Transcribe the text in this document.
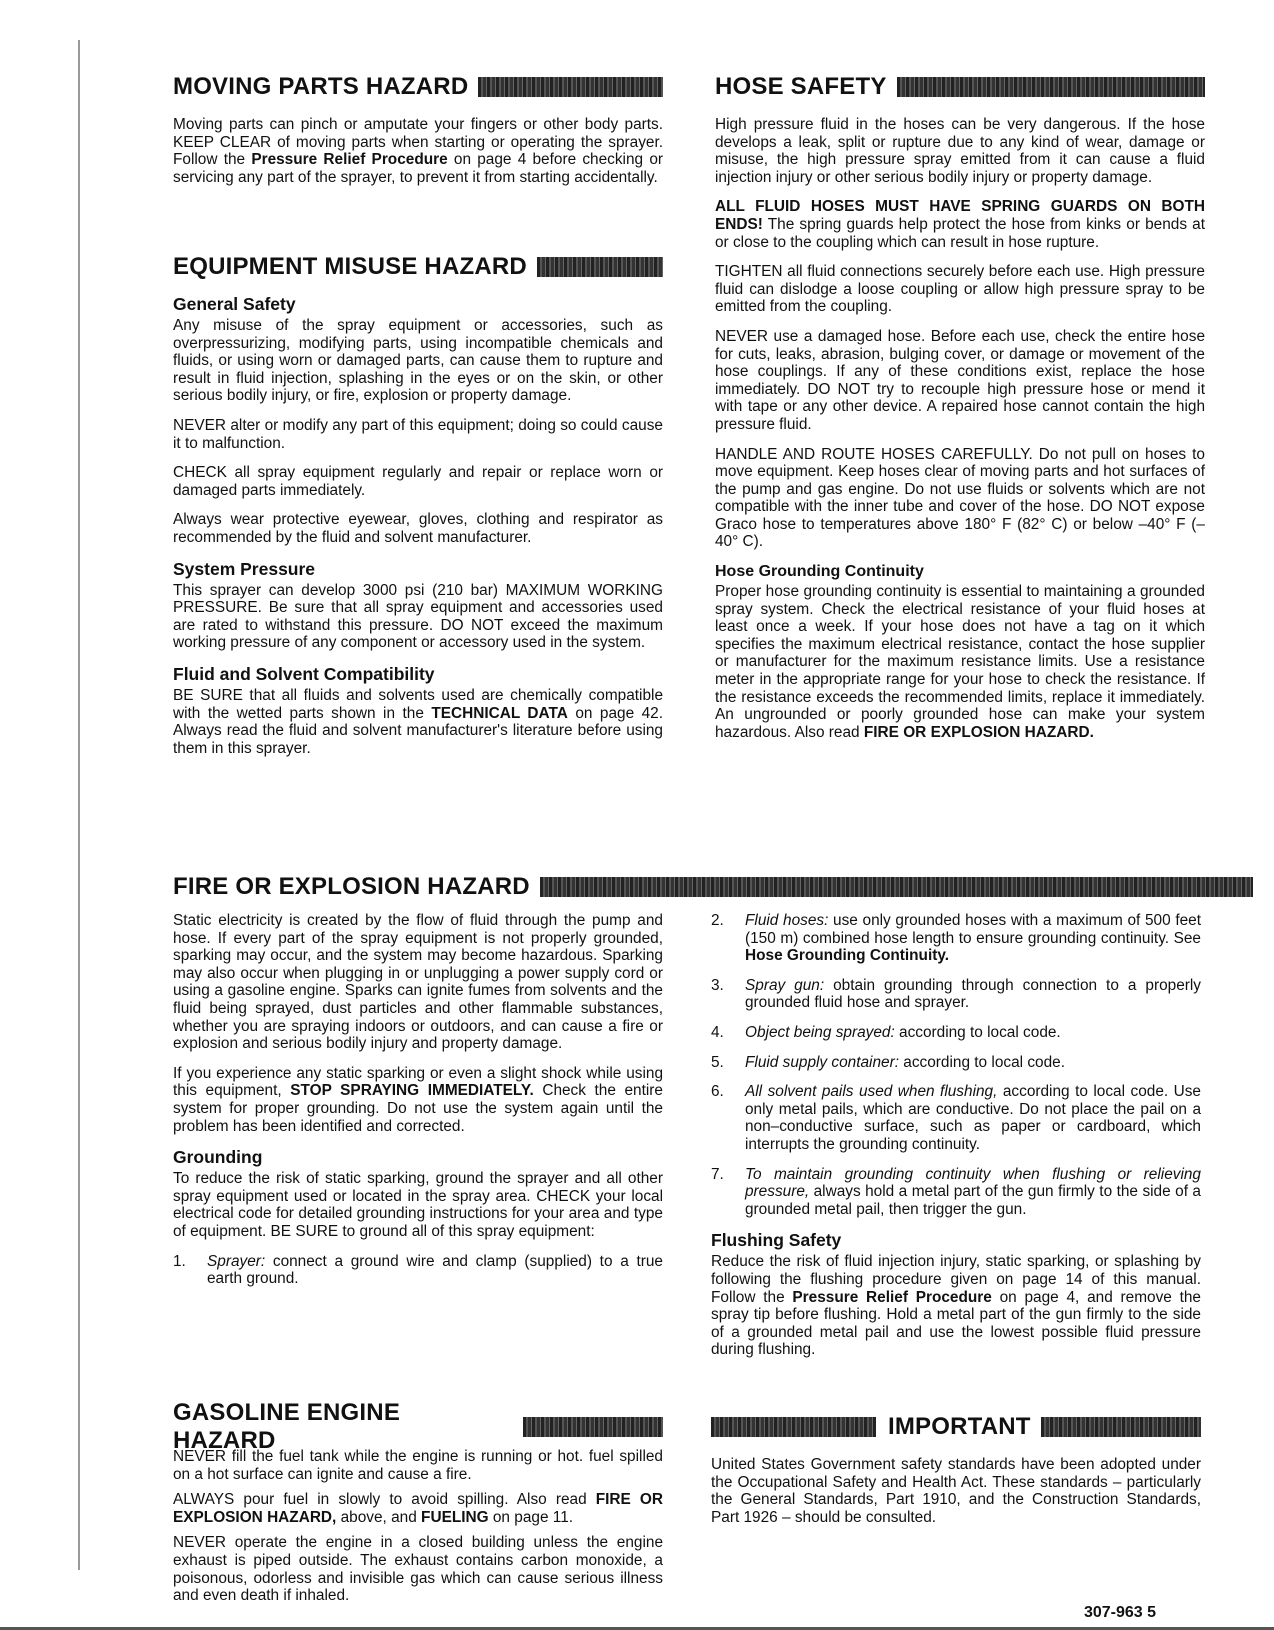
MOVING PARTS HAZARD

Moving parts can pinch or amputate your fingers or other body parts. KEEP CLEAR of moving parts when starting or operating the sprayer. Follow the Pressure Relief Procedure on page 4 before checking or servicing any part of the sprayer, to prevent it from starting accidentally.

EQUIPMENT MISUSE HAZARD
General Safety

Any misuse of the spray equipment or accessories, such as overpressurizing, modifying parts, using incompatible chemicals and fluids, or using worn or damaged parts, can cause them to rupture and result in fluid injection, splashing in the eyes or on the skin, or other serious bodily injury, or fire, explosion or property damage.

NEVER alter or modify any part of this equipment; doing so could cause it to malfunction.

CHECK all spray equipment regularly and repair or replace worn or damaged parts immediately.

Always wear protective eyewear, gloves, clothing and respirator as recommended by the fluid and solvent manufacturer.

System Pressure

This sprayer can develop 3000 psi (210 bar) MAXIMUM WORKING PRESSURE. Be sure that all spray equipment and accessories used are rated to withstand this pressure. DO NOT exceed the maximum working pressure of any component or accessory used in the system.

Fluid and Solvent Compatibility

BE SURE that all fluids and solvents used are chemically compatible with the wetted parts shown in the TECHNICAL DATA on page 42. Always read the fluid and solvent manufacturer's literature before using them in this sprayer.

HOSE SAFETY

High pressure fluid in the hoses can be very dangerous. If the hose develops a leak, split or rupture due to any kind of wear, damage or misuse, the high pressure spray emitted from it can cause a fluid injection injury or other serious bodily injury or property damage.

ALL FLUID HOSES MUST HAVE SPRING GUARDS ON BOTH ENDS! The spring guards help protect the hose from kinks or bends at or close to the coupling which can result in hose rupture.

TIGHTEN all fluid connections securely before each use. High pressure fluid can dislodge a loose coupling or allow high pressure spray to be emitted from the coupling.

NEVER use a damaged hose. Before each use, check the entire hose for cuts, leaks, abrasion, bulging cover, or damage or movement of the hose couplings. If any of these conditions exist, replace the hose immediately. DO NOT try to recouple high pressure hose or mend it with tape or any other device. A repaired hose cannot contain the high pressure fluid.

HANDLE AND ROUTE HOSES CAREFULLY. Do not pull on hoses to move equipment. Keep hoses clear of moving parts and hot surfaces of the pump and gas engine. Do not use fluids or solvents which are not compatible with the inner tube and cover of the hose. DO NOT expose Graco hose to temperatures above 180° F (82° C) or below –40° F (–40° C).

Hose Grounding Continuity

Proper hose grounding continuity is essential to maintaining a grounded spray system. Check the electrical resistance of your fluid hoses at least once a week. If your hose does not have a tag on it which specifies the maximum electrical resistance, contact the hose supplier or manufacturer for the maximum resistance limits. Use a resistance meter in the appropriate range for your hose to check the resistance. If the resistance exceeds the recommended limits, replace it immediately. An ungrounded or poorly grounded hose can make your system hazardous. Also read FIRE OR EXPLOSION HAZARD.

FIRE OR EXPLOSION HAZARD

Static electricity is created by the flow of fluid through the pump and hose. If every part of the spray equipment is not properly grounded, sparking may occur, and the system may become hazardous. Sparking may also occur when plugging in or unplugging a power supply cord or using a gasoline engine. Sparks can ignite fumes from solvents and the fluid being sprayed, dust particles and other flammable substances, whether you are spraying indoors or outdoors, and can cause a fire or explosion and serious bodily injury and property damage.

If you experience any static sparking or even a slight shock while using this equipment, STOP SPRAYING IMMEDIATELY. Check the entire system for proper grounding. Do not use the system again until the problem has been identified and corrected.

Grounding

To reduce the risk of static sparking, ground the sprayer and all other spray equipment used or located in the spray area. CHECK your local electrical code for detailed grounding instructions for your area and type of equipment. BE SURE to ground all of this spray equipment:

1. Sprayer: connect a ground wire and clamp (supplied) to a true earth ground.
2. Fluid hoses: use only grounded hoses with a maximum of 500 feet (150 m) combined hose length to ensure grounding continuity. See Hose Grounding Continuity.
3. Spray gun: obtain grounding through connection to a properly grounded fluid hose and sprayer.
4. Object being sprayed: according to local code.
5. Fluid supply container: according to local code.
6. All solvent pails used when flushing, according to local code. Use only metal pails, which are conductive. Do not place the pail on a non–conductive surface, such as paper or cardboard, which interrupts the grounding continuity.
7. To maintain grounding continuity when flushing or relieving pressure, always hold a metal part of the gun firmly to the side of a grounded metal pail, then trigger the gun.
Flushing Safety

Reduce the risk of fluid injection injury, static sparking, or splashing by following the flushing procedure given on page 14 of this manual. Follow the Pressure Relief Procedure on page 4, and remove the spray tip before flushing. Hold a metal part of the gun firmly to the side of a grounded metal pail and use the lowest possible fluid pressure during flushing.

GASOLINE ENGINE HAZARD

NEVER fill the fuel tank while the engine is running or hot. fuel spilled on a hot surface can ignite and cause a fire.

ALWAYS pour fuel in slowly to avoid spilling. Also read FIRE OR EXPLOSION HAZARD, above, and FUELING on page 11.

NEVER operate the engine in a closed building unless the engine exhaust is piped outside. The exhaust contains carbon monoxide, a poisonous, odorless and invisible gas which can cause serious illness and even death if inhaled.

IMPORTANT

United States Government safety standards have been adopted under the Occupational Safety and Health Act. These standards – particularly the General Standards, Part 1910, and the Construction Standards, Part 1926 – should be consulted.

307-963 5
